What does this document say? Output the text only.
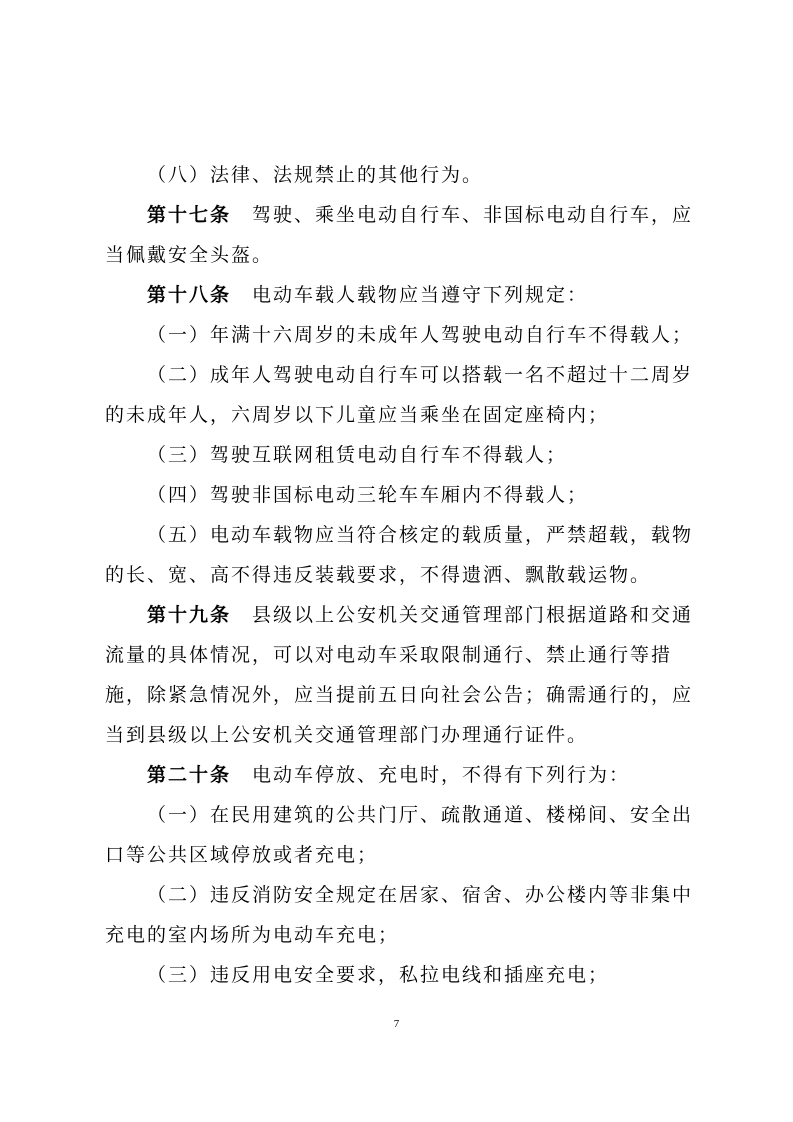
（八）法律、法规禁止的其他行为。

第十七条 驾驶、乘坐电动自行车、非国标电动自行车，应当佩戴安全头盔。

第十八条 电动车载人载物应当遵守下列规定：

（一）年满十六周岁的未成年人驾驶电动自行车不得载人；

（二）成年人驾驶电动自行车可以搭载一名不超过十二周岁的未成年人，六周岁以下儿童应当乘坐在固定座椅内；

（三）驾驶互联网租赁电动自行车不得载人；

（四）驾驶非国标电动三轮车车厢内不得载人；

（五）电动车载物应当符合核定的载质量，严禁超载，载物的长、宽、高不得违反装载要求，不得遗洒、飘散载运物。

第十九条 县级以上公安机关交通管理部门根据道路和交通流量的具体情况，可以对电动车采取限制通行、禁止通行等措施，除紧急情况外，应当提前五日向社会公告；确需通行的，应当到县级以上公安机关交通管理部门办理通行证件。

第二十条 电动车停放、充电时，不得有下列行为：

（一）在民用建筑的公共门厅、疏散通道、楼梯间、安全出口等公共区域停放或者充电；

（二）违反消防安全规定在居家、宿舍、办公楼内等非集中充电的室内场所为电动车充电；

（三）违反用电安全要求，私拉电线和插座充电；

7
